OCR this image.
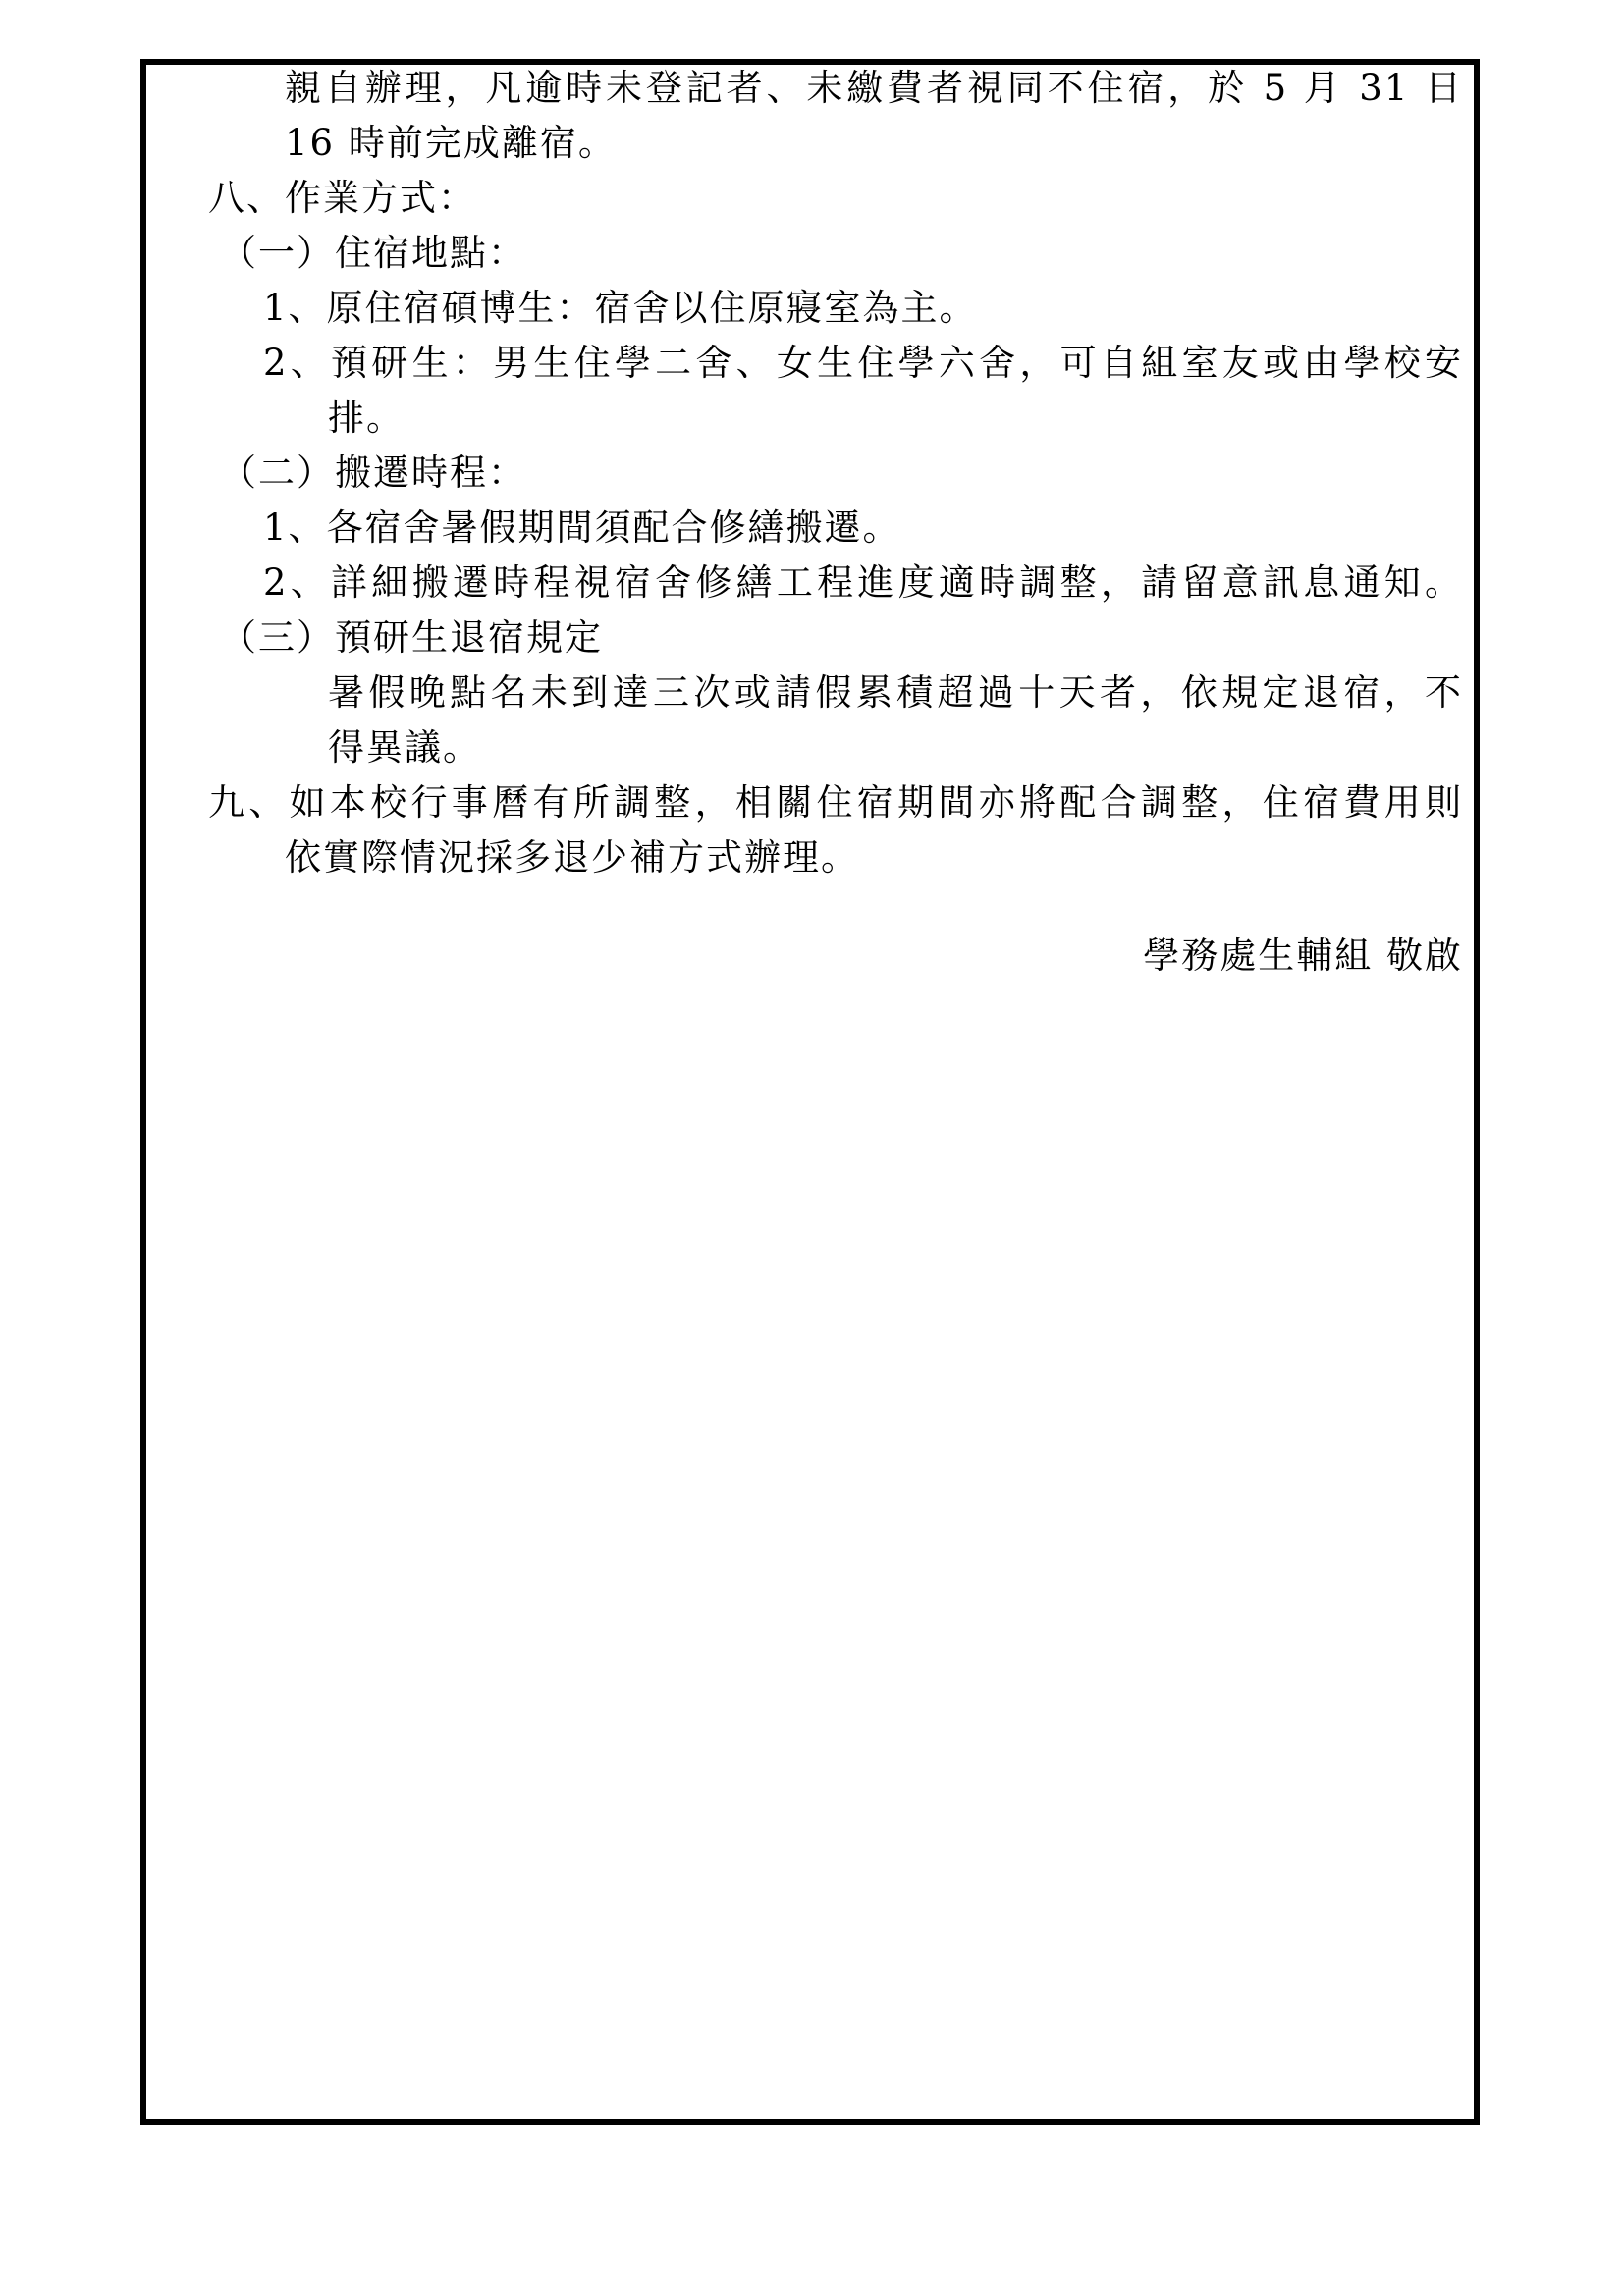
親自辦理，凡逾時未登記者、未繳費者視同不住宿，於 5 月 31 日
16 時前完成離宿。
八、作業方式：
（一）住宿地點：
1、原住宿碩博生：宿舍以住原寢室為主。
2、預研生：男生住學二舍、女生住學六舍，可自組室友或由學校安
排。
（二）搬遷時程：
1、各宿舍暑假期間須配合修繕搬遷。
2、詳細搬遷時程視宿舍修繕工程進度適時調整，請留意訊息通知。
（三）預研生退宿規定
暑假晚點名未到達三次或請假累積超過十天者，依規定退宿，不
得異議。
九、如本校行事曆有所調整，相關住宿期間亦將配合調整，住宿費用則
依實際情況採多退少補方式辦理。
學務處生輔組 敬啟
